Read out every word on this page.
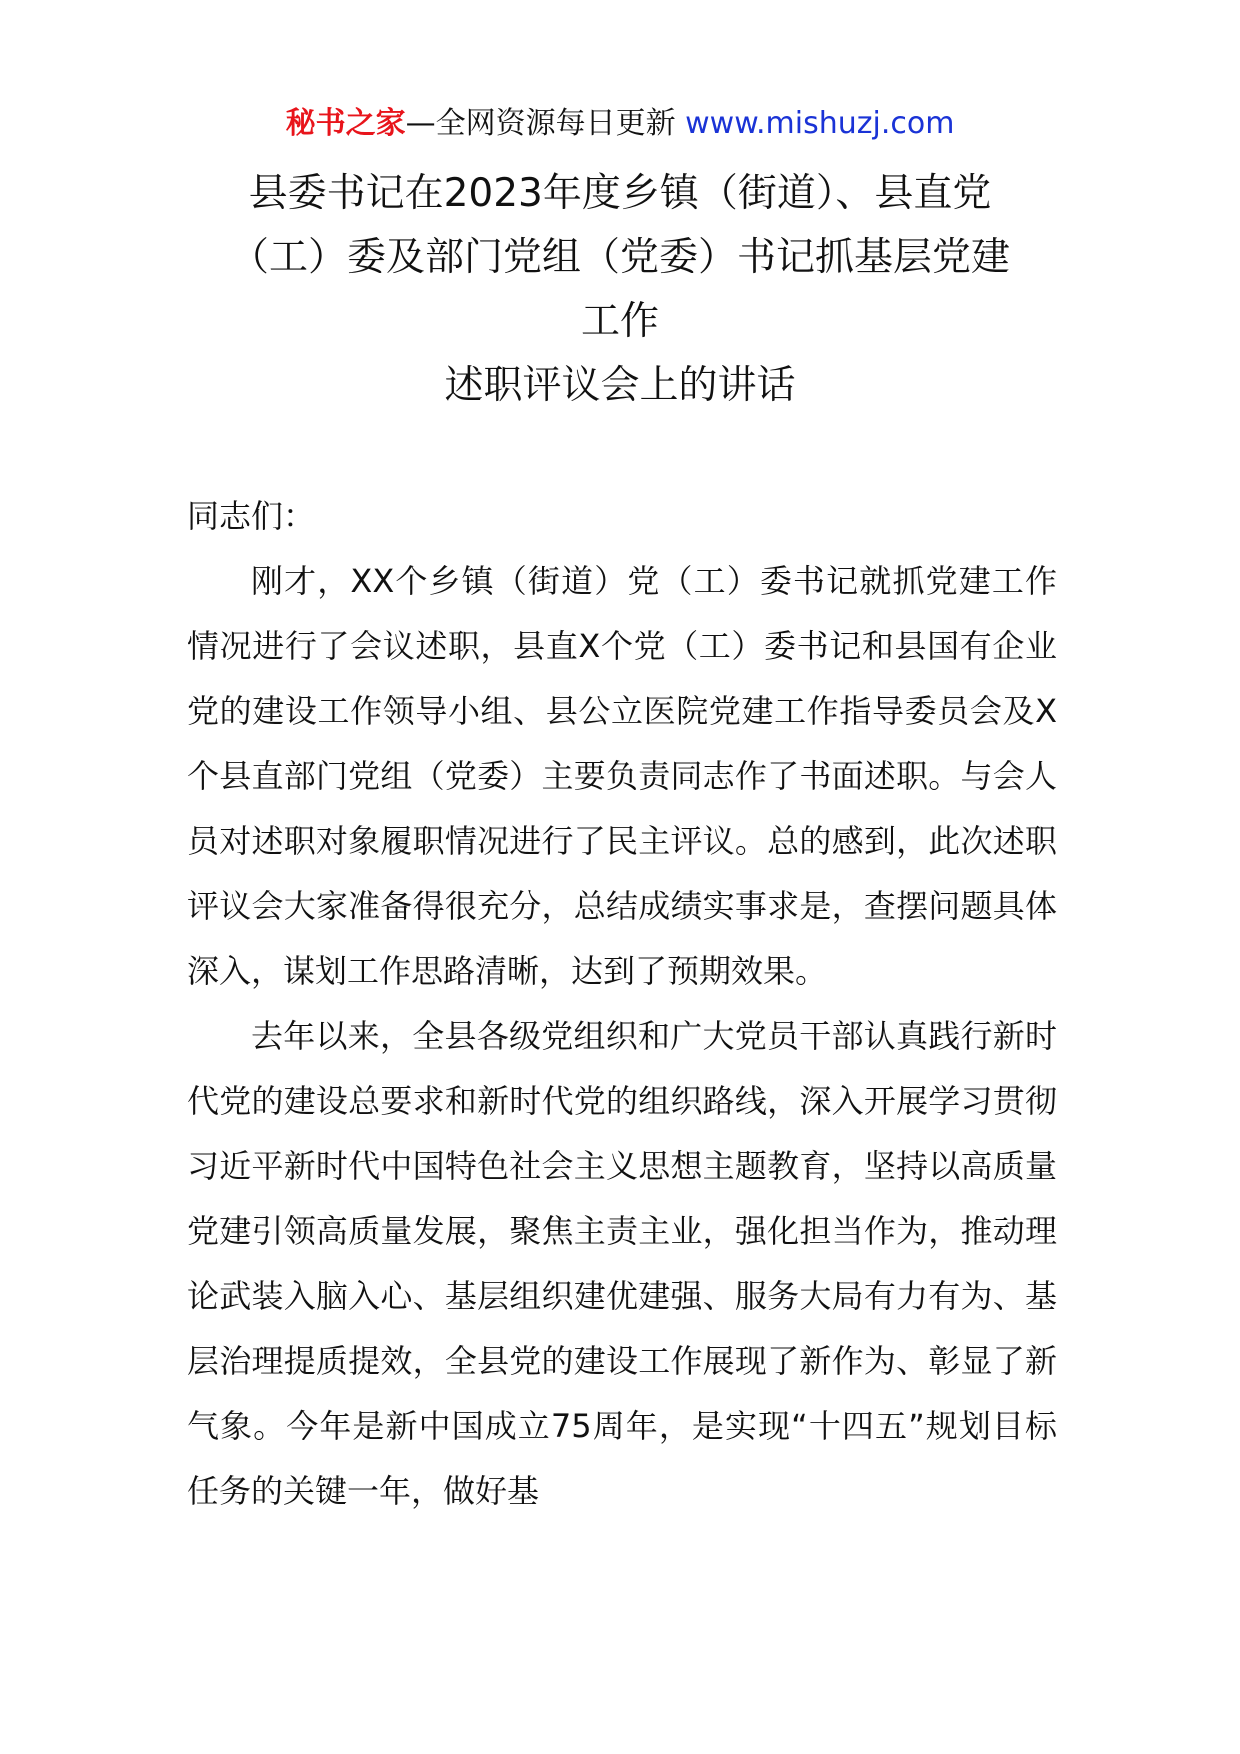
秘书之家—全网资源每日更新 www.mishuzj.com
县委书记在2023年度乡镇（街道）、县直党
（工）委及部门党组（党委）书记抓基层党建
工作
述职评议会上的讲话

同志们：

刚才，XX个乡镇（街道）党（工）委书记就抓党建工作情况进行了会议述职，县直X个党（工）委书记和县国有企业党的建设工作领导小组、县公立医院党建工作指导委员会及X个县直部门党组（党委）主要负责同志作了书面述职。与会人员对述职对象履职情况进行了民主评议。总的感到，此次述职评议会大家准备得很充分，总结成绩实事求是，查摆问题具体深入，谋划工作思路清晰，达到了预期效果。

去年以来，全县各级党组织和广大党员干部认真践行新时代党的建设总要求和新时代党的组织路线，深入开展学习贯彻习近平新时代中国特色社会主义思想主题教育，坚持以高质量党建引领高质量发展，聚焦主责主业，强化担当作为，推动理论武装入脑入心、基层组织建优建强、服务大局有力有为、基层治理提质提效，全县党的建设工作展现了新作为、彰显了新气象。今年是新中国成立75周年，是实现“十四五”规划目标任务的关键一年，做好基
